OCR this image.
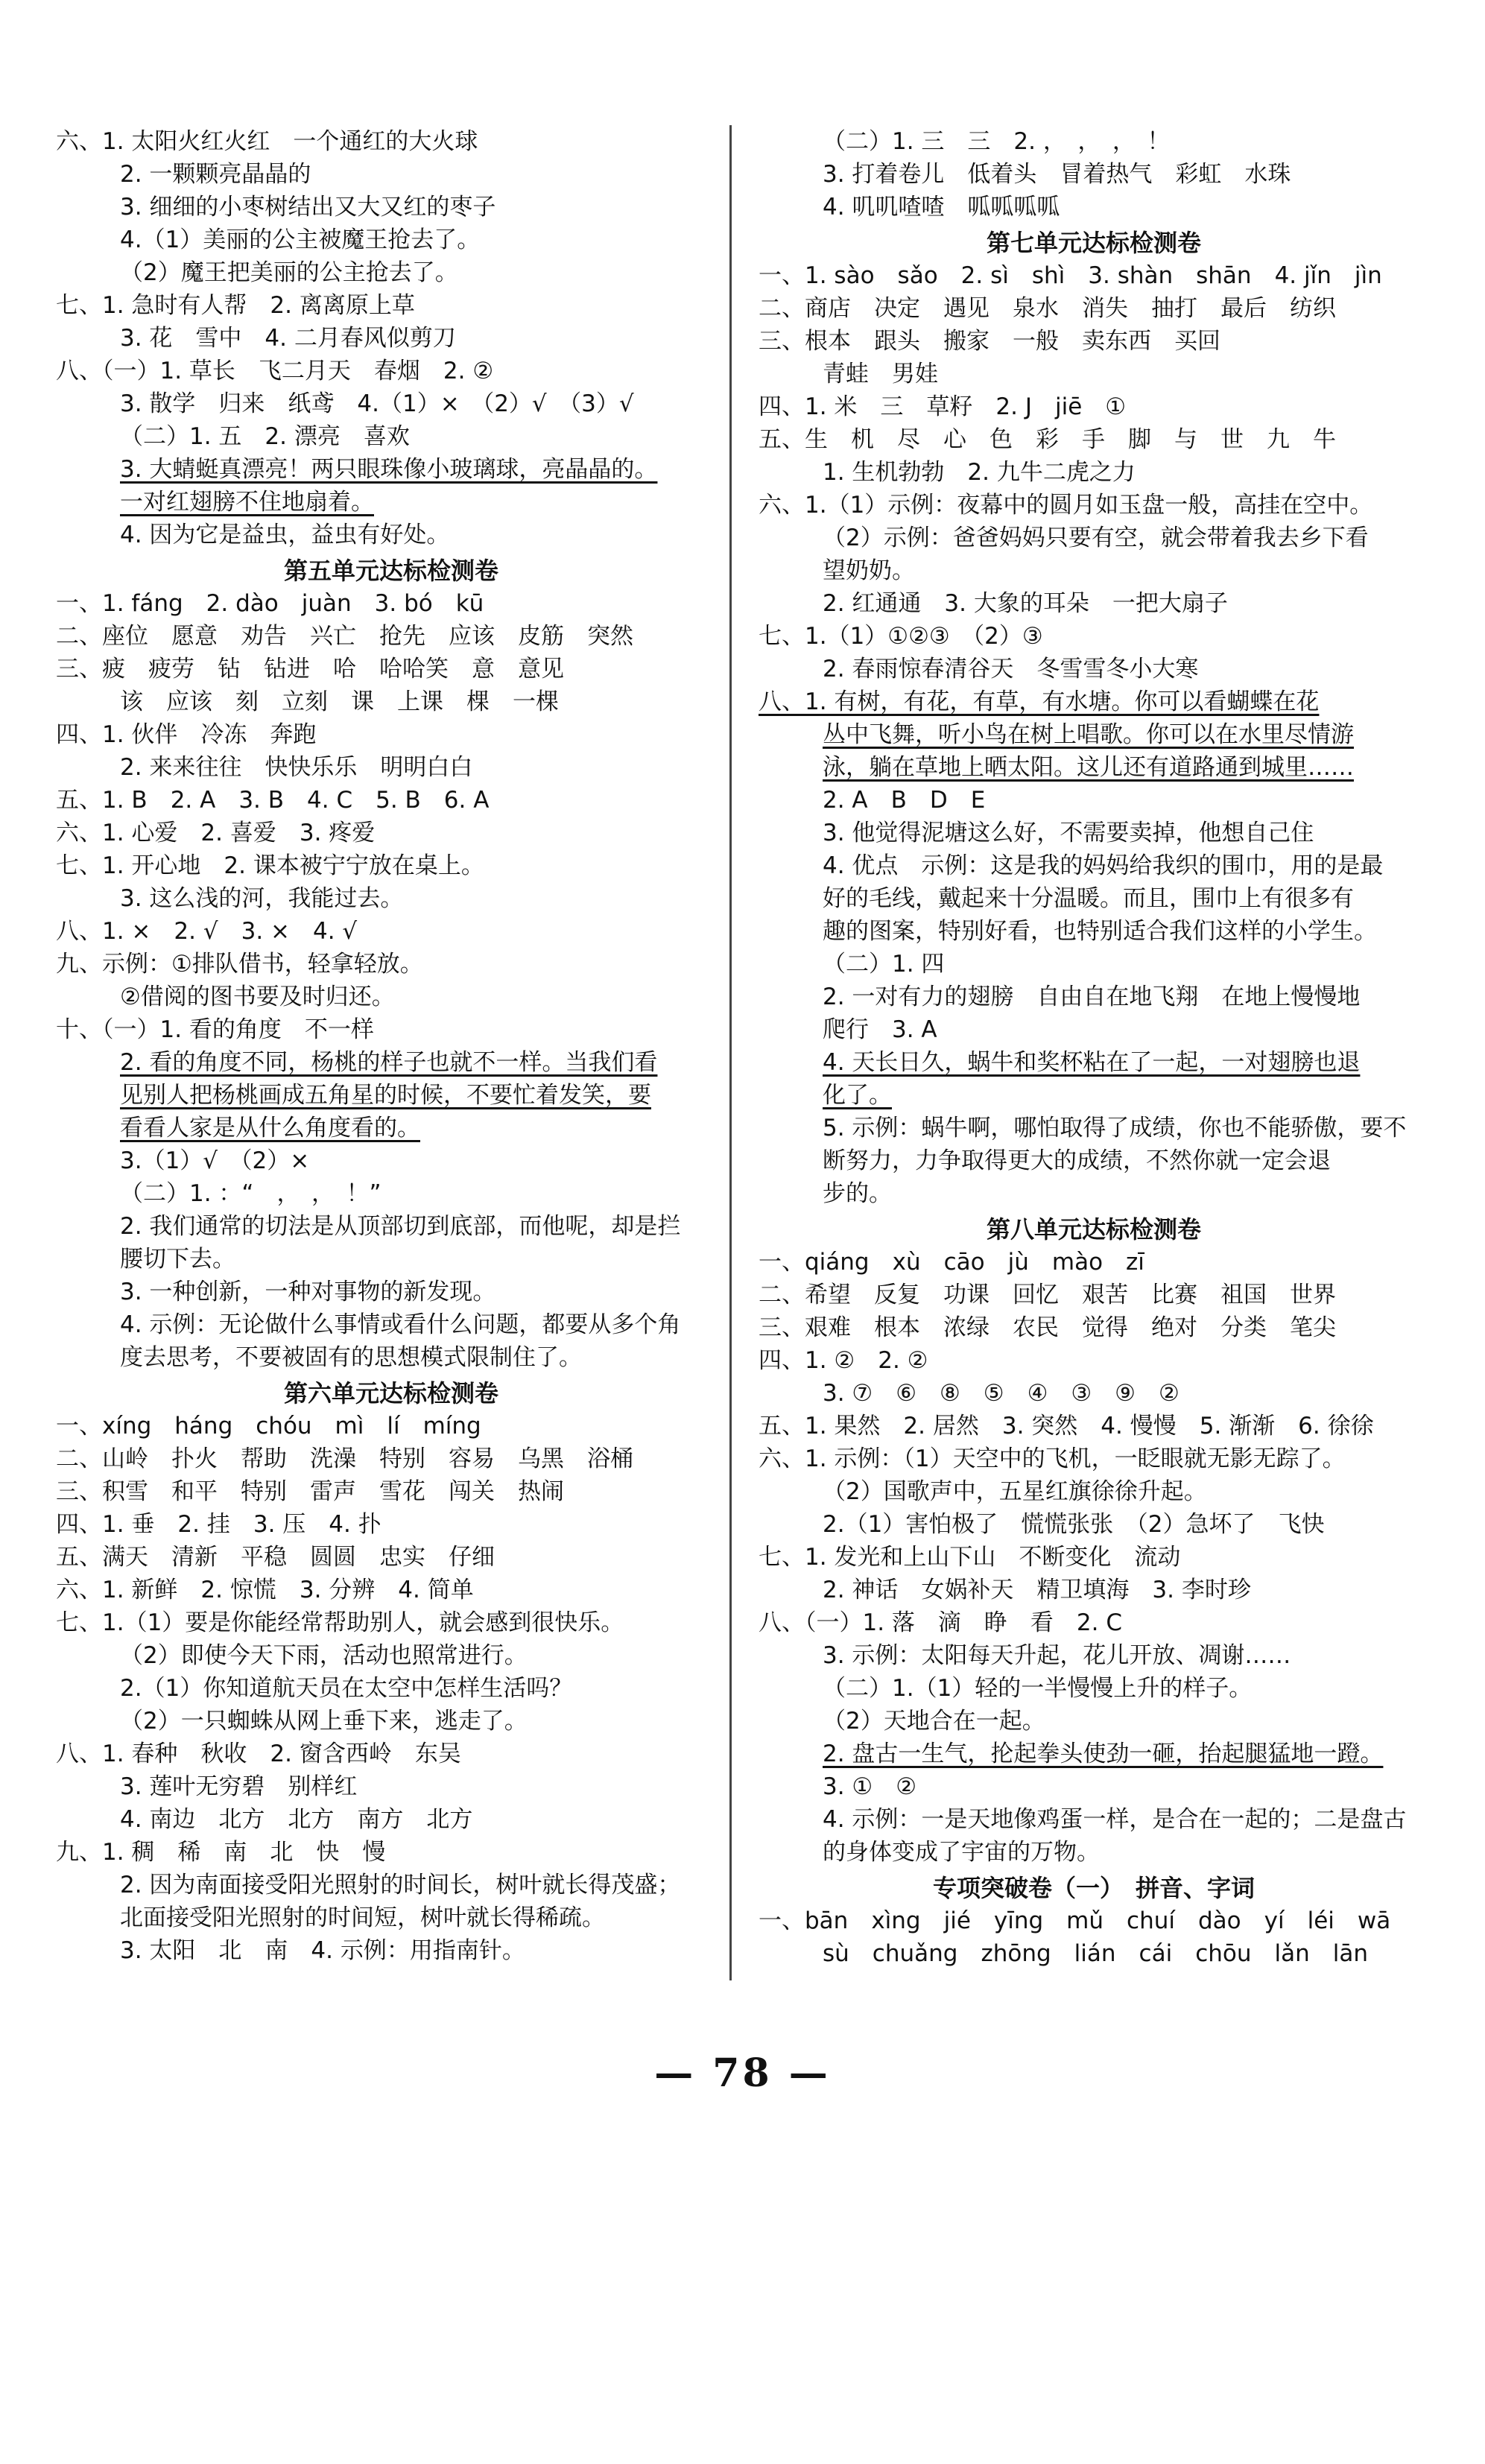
六、1. 太阳火红火红　一个通红的大火球
2. 一颗颗亮晶晶的
3. 细细的小枣树结出又大又红的枣子
4.（1）美丽的公主被魔王抢去了。
（2）魔王把美丽的公主抢去了。
七、1. 急时有人帮　2. 离离原上草
3. 花　雪中　4. 二月春风似剪刀
八、（一）1. 草长　飞二月天　春烟　2. ②
3. 散学　归来　纸鸢　4.（1）×　（2）√　（3）√
（二）1. 五　2. 漂亮　喜欢
3. 大蜻蜓真漂亮！两只眼珠像小玻璃球，亮晶晶的。
一对红翅膀不住地扇着。
4. 因为它是益虫，益虫有好处。
第五单元达标检测卷
一、1. fáng　2. dào　juàn　3. bó　kū
二、座位　愿意　劝告　兴亡　抢先　应该　皮筋　突然
三、疲　疲劳　钻　钻进　哈　哈哈笑　意　意见
该　应该　刻　立刻　课　上课　棵　一棵
四、1. 伙伴　冷冻　奔跑
2. 来来往往　快快乐乐　明明白白
五、1. B　2. A　3. B　4. C　5. B　6. A
六、1. 心爱　2. 喜爱　3. 疼爱
七、1. 开心地　2. 课本被宁宁放在桌上。
3. 这么浅的河，我能过去。
八、1. ×　2. √　3. ×　4. √
九、示例：①排队借书，轻拿轻放。
②借阅的图书要及时归还。
十、（一）1. 看的角度　不一样
2. 看的角度不同，杨桃的样子也就不一样。当我们看
见别人把杨桃画成五角星的时候，不要忙着发笑，要
看看人家是从什么角度看的。
3.（1）√　（2）×
（二）1. ：“　，　，　！”
2. 我们通常的切法是从顶部切到底部，而他呢，却是拦
腰切下去。
3. 一种创新，一种对事物的新发现。
4. 示例：无论做什么事情或看什么问题，都要从多个角
度去思考，不要被固有的思想模式限制住了。
第六单元达标检测卷
一、xíng　háng　chóu　mì　lí　míng
二、山岭　扑火　帮助　洗澡　特别　容易　乌黑　浴桶
三、积雪　和平　特别　雷声　雪花　闯关　热闹
四、1. 垂　2. 挂　3. 压　4. 扑
五、满天　清新　平稳　圆圆　忠实　仔细
六、1. 新鲜　2. 惊慌　3. 分辨　4. 简单
七、1.（1）要是你能经常帮助别人，就会感到很快乐。
（2）即使今天下雨，活动也照常进行。
2.（1）你知道航天员在太空中怎样生活吗？
（2）一只蜘蛛从网上垂下来，逃走了。
八、1. 春种　秋收　2. 窗含西岭　东吴
3. 莲叶无穷碧　别样红
4. 南边　北方　北方　南方　北方
九、1. 稠　稀　南　北　快　慢
2. 因为南面接受阳光照射的时间长，树叶就长得茂盛；
北面接受阳光照射的时间短，树叶就长得稀疏。
3. 太阳　北　南　4. 示例：用指南针。
（二）1. 三　三　2. ，　，　，　！
3. 打着卷儿　低着头　冒着热气　彩虹　水珠
4. 叽叽喳喳　呱呱呱呱
第七单元达标检测卷
一、1. sào　sǎo　2. sì　shì　3. shàn　shān　4. jǐn　jìn
二、商店　决定　遇见　泉水　消失　抽打　最后　纺织
三、根本　跟头　搬家　一般　卖东西　买回
青蛙　男娃
四、1. 米　三　草籽　2. J　jiē　①
五、生　机　尽　心　色　彩　手　脚　与　世　九　牛
1. 生机勃勃　2. 九牛二虎之力
六、1.（1）示例：夜幕中的圆月如玉盘一般，高挂在空中。
（2）示例：爸爸妈妈只要有空，就会带着我去乡下看
望奶奶。
2. 红通通　3. 大象的耳朵　一把大扇子
七、1.（1）①②③　（2）③
2. 春雨惊春清谷天　冬雪雪冬小大寒
八、1. 有树，有花，有草，有水塘。你可以看蝴蝶在花
丛中飞舞，听小鸟在树上唱歌。你可以在水里尽情游
泳，躺在草地上晒太阳。这儿还有道路通到城里……
2. A　B　D　E
3. 他觉得泥塘这么好，不需要卖掉，他想自己住
4. 优点　示例：这是我的妈妈给我织的围巾，用的是最
好的毛线，戴起来十分温暖。而且，围巾上有很多有
趣的图案，特别好看，也特别适合我们这样的小学生。
（二）1. 四
2. 一对有力的翅膀　自由自在地飞翔　在地上慢慢地
爬行　3. A
4. 天长日久，蜗牛和奖杯粘在了一起，一对翅膀也退
化了。
5. 示例：蜗牛啊，哪怕取得了成绩，你也不能骄傲，要不
断努力，力争取得更大的成绩，不然你就一定会退
步的。
第八单元达标检测卷
一、qiáng　xù　cāo　jù　mào　zī
二、希望　反复　功课　回忆　艰苦　比赛　祖国　世界
三、艰难　根本　浓绿　农民　觉得　绝对　分类　笔尖
四、1. ②　2. ②
3. ⑦　⑥　⑧　⑤　④　③　⑨　②
五、1. 果然　2. 居然　3. 突然　4. 慢慢　5. 渐渐　6. 徐徐
六、1. 示例：（1）天空中的飞机，一眨眼就无影无踪了。
（2）国歌声中，五星红旗徐徐升起。
2.（1）害怕极了　慌慌张张　（2）急坏了　飞快
七、1. 发光和上山下山　不断变化　流动
2. 神话　女娲补天　精卫填海　3. 李时珍
八、（一）1. 落　滴　睁　看　2. C
3. 示例：太阳每天升起，花儿开放、凋谢……
（二）1.（1）轻的一半慢慢上升的样子。
（2）天地合在一起。
2. 盘古一生气，抡起拳头使劲一砸，抬起腿猛地一蹬。
3. ①　②
4. 示例：一是天地像鸡蛋一样，是合在一起的；二是盘古
的身体变成了宇宙的万物。
专项突破卷（一）　拼音、字词
一、bān　xìng　jié　yīng　mǔ　chuí　dào　yí　léi　wā
sù　chuǎng　zhōng　lián　cái　chōu　lǎn　lān
— 78 —
